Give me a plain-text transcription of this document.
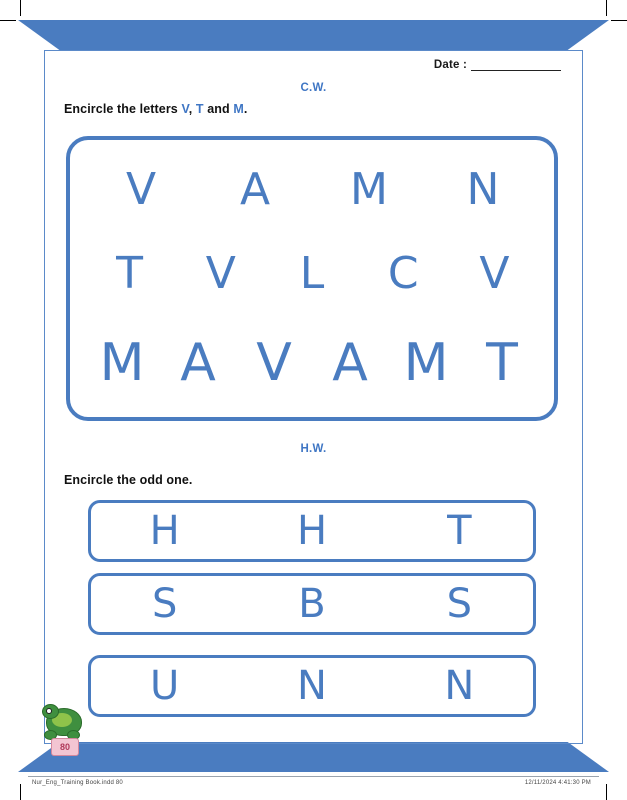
Date :
C.W.
Encircle the letters V, T and M.
V	A	M	N
T	V	L	C	V
M A V A M T
H.W.
Encircle the odd one.
H	H	T
S	B	S
U	N	N
80
Nur_Eng_Training Book.indd 80	12/11/2024 4:41:30 PM
